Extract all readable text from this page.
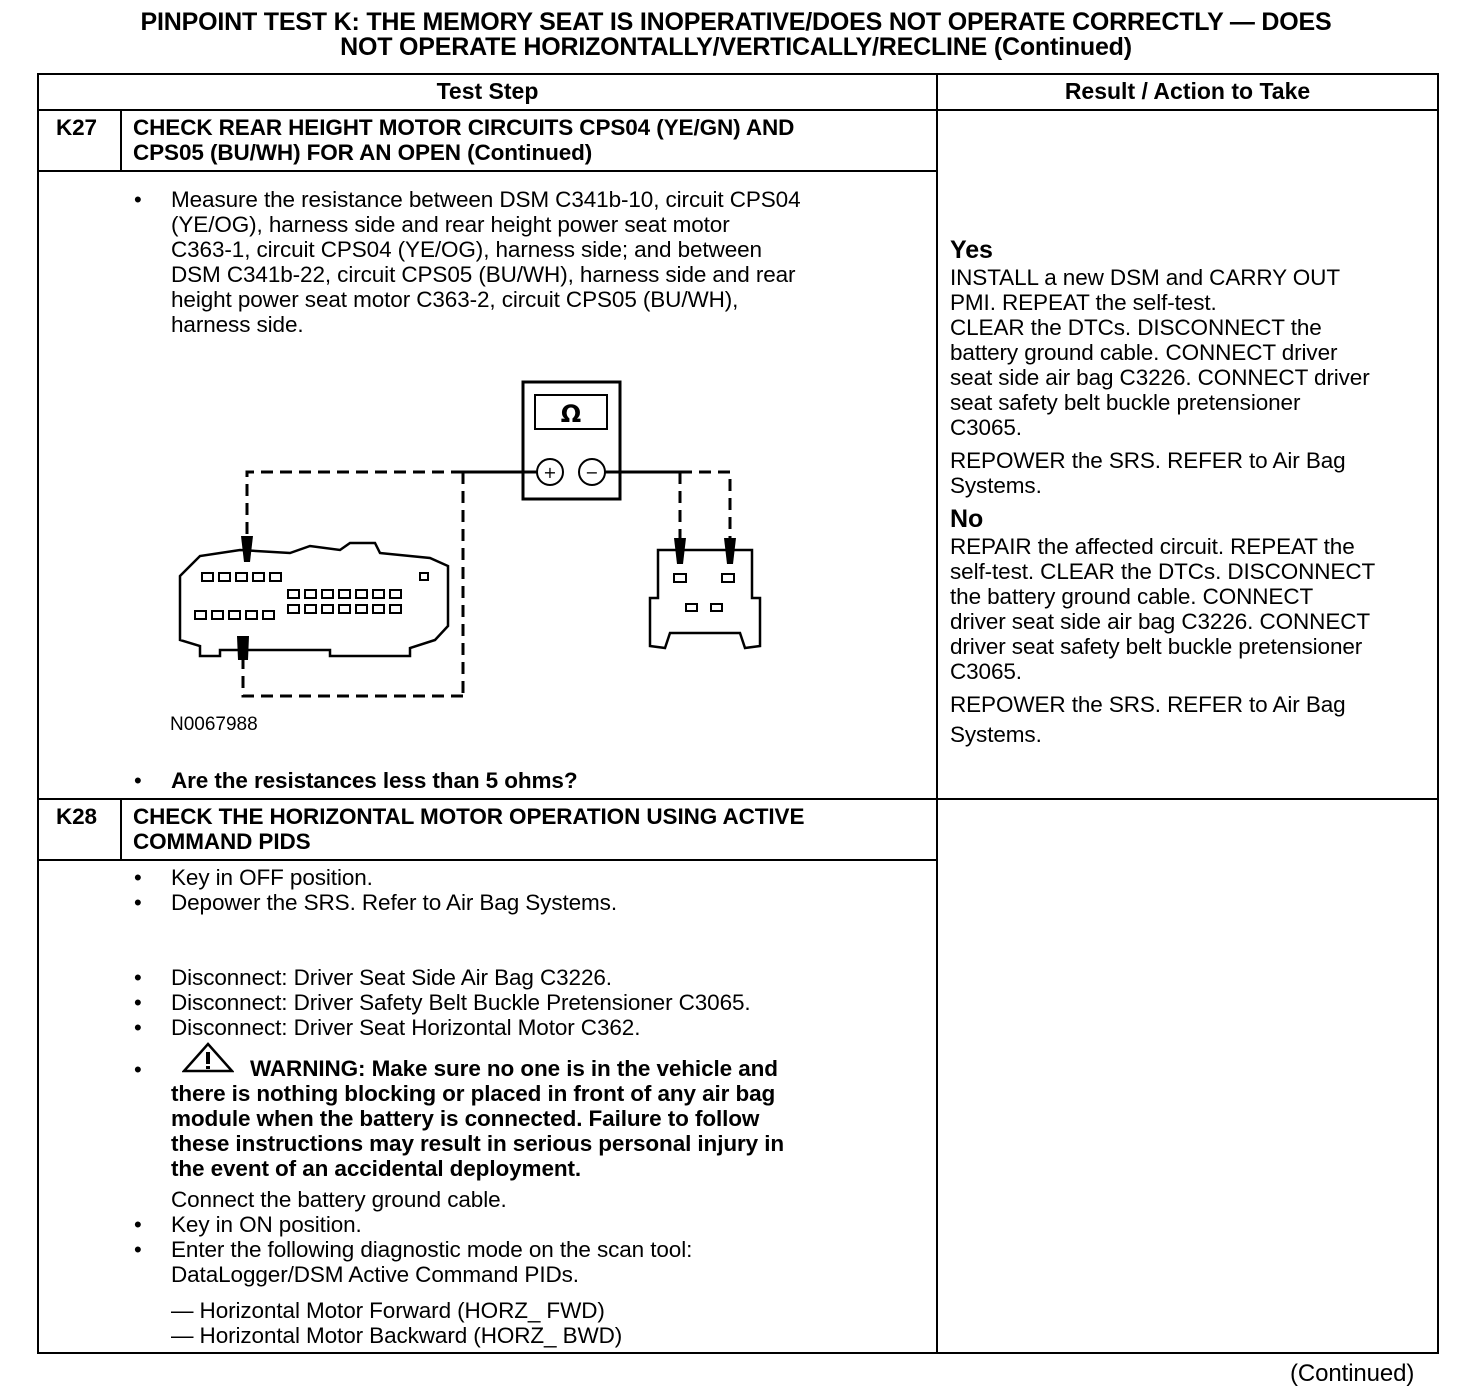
PINPOINT TEST K: THE MEMORY SEAT IS INOPERATIVE/DOES NOT OPERATE CORRECTLY — DOES
NOT OPERATE HORIZONTALLY/VERTICALLY/RECLINE (Continued)
Test Step	Result / Action to Take
K27 CHECK REAR HEIGHT MOTOR CIRCUITS CPS04 (YE/GN) AND
CPS05 (BU/WH) FOR AN OPEN (Continued)
• Measure the resistance between DSM C341b-10, circuit CPS04
(YE/OG), harness side and rear height power seat motor
C363-1, circuit CPS04 (YE/OG), harness side; and between
DSM C341b-22, circuit CPS05 (BU/WH), harness side and rear
height power seat motor C363-2, circuit CPS05 (BU/WH),
harness side.
Ω
+ −
N0067988
• Are the resistances less than 5 ohms?
Yes
INSTALL a new DSM and CARRY OUT
PMI. REPEAT the self-test.
CLEAR the DTCs. DISCONNECT the
battery ground cable. CONNECT driver
seat side air bag C3226. CONNECT driver
seat safety belt buckle pretensioner
C3065.
REPOWER the SRS. REFER to Air Bag
Systems.
No
REPAIR the affected circuit. REPEAT the
self-test. CLEAR the DTCs. DISCONNECT
the battery ground cable. CONNECT
driver seat side air bag C3226. CONNECT
driver seat safety belt buckle pretensioner
C3065.
REPOWER the SRS. REFER to Air Bag
Systems.
K28 CHECK THE HORIZONTAL MOTOR OPERATION USING ACTIVE
COMMAND PIDS
• Key in OFF position.
• Depower the SRS. Refer to Air Bag Systems.
• Disconnect: Driver Seat Side Air Bag C3226.
• Disconnect: Driver Safety Belt Buckle Pretensioner C3065.
• Disconnect: Driver Seat Horizontal Motor C362.
•	WARNING: Make sure no one is in the vehicle and
there is nothing blocking or placed in front of any air bag
module when the battery is connected. Failure to follow
these instructions may result in serious personal injury in
the event of an accidental deployment.
Connect the battery ground cable.
• Key in ON position.
• Enter the following diagnostic mode on the scan tool:
DataLogger/DSM Active Command PIDs.
— Horizontal Motor Forward (HORZ_ FWD)
— Horizontal Motor Backward (HORZ_ BWD)
(Continued)
